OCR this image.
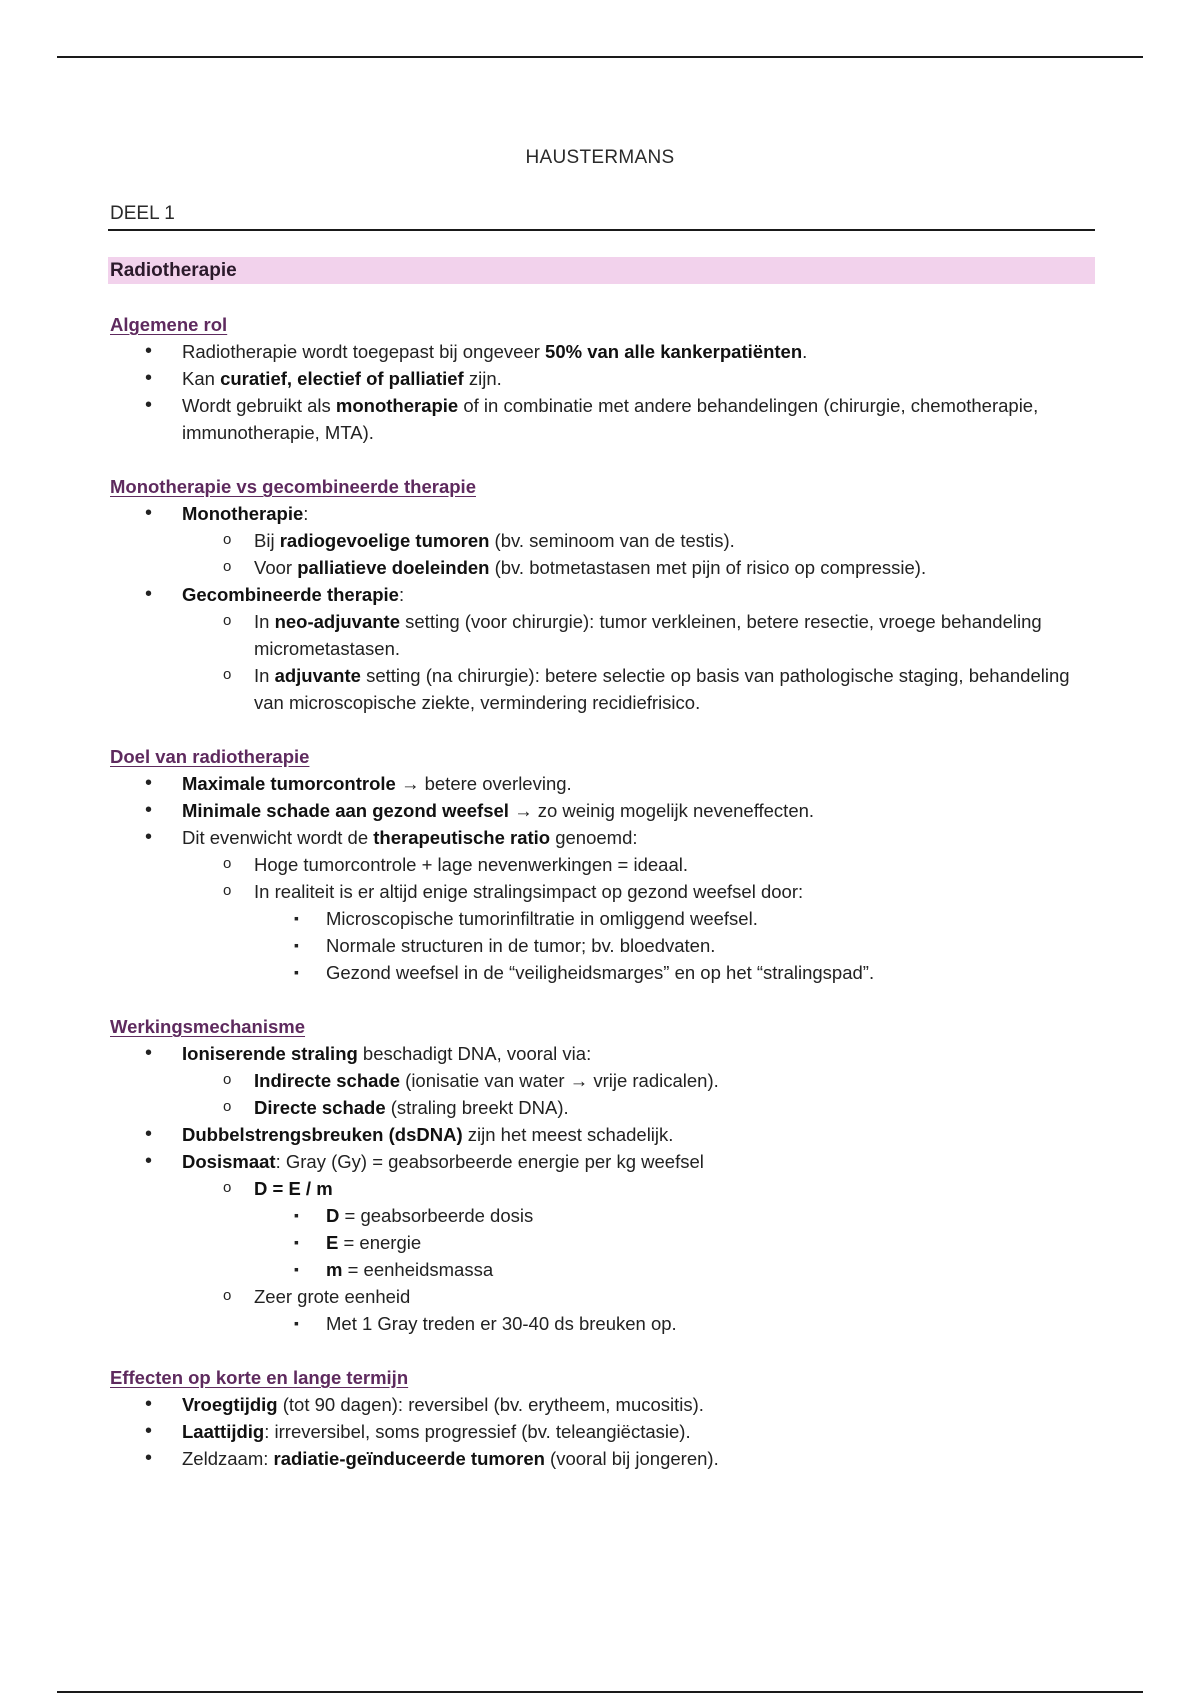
HAUSTERMANS
DEEL 1
Radiotherapie

Algemene rol

• Radiotherapie wordt toegepast bij ongeveer 50% van alle kankerpatiënten.
• Kan curatief, electief of palliatief zijn.
• Wordt gebruikt als monotherapie of in combinatie met andere behandelingen (chirurgie, chemotherapie, immunotherapie, MTA).

Monotherapie vs gecombineerde therapie

• Monotherapie:
o Bij radiogevoelige tumoren (bv. seminoom van de testis).
o Voor palliatieve doeleinden (bv. botmetastasen met pijn of risico op compressie).
• Gecombineerde therapie:
o In neo-adjuvante setting (voor chirurgie): tumor verkleinen, betere resectie, vroege behandeling micrometastasen.
o In adjuvante setting (na chirurgie): betere selectie op basis van pathologische staging, behandeling van microscopische ziekte, vermindering recidiefrisico.

Doel van radiotherapie

• Maximale tumorcontrole → betere overleving.
• Minimale schade aan gezond weefsel → zo weinig mogelijk neveneffecten.
• Dit evenwicht wordt de therapeutische ratio genoemd:
o Hoge tumorcontrole + lage nevenwerkingen = ideaal.
o In realiteit is er altijd enige stralingsimpact op gezond weefsel door:
▪ Microscopische tumorinfiltratie in omliggend weefsel.
▪ Normale structuren in de tumor; bv. bloedvaten.
▪ Gezond weefsel in de “veiligheidsmarges” en op het “stralingspad”.

Werkingsmechanisme

• Ioniserende straling beschadigt DNA, vooral via:
o Indirecte schade (ionisatie van water → vrije radicalen).
o Directe schade (straling breekt DNA).
• Dubbelstrengsbreuken (dsDNA) zijn het meest schadelijk.
• Dosismaat: Gray (Gy) = geabsorbeerde energie per kg weefsel
o D = E / m
▪ D = geabsorbeerde dosis
▪ E = energie
▪ m = eenheidsmassa
o Zeer grote eenheid
▪ Met 1 Gray treden er 30-40 ds breuken op.

Effecten op korte en lange termijn

• Vroegtijdig (tot 90 dagen): reversibel (bv. erytheem, mucositis).
• Laattijdig: irreversibel, soms progressief (bv. teleangiëctasie).
• Zeldzaam: radiatie-geïnduceerde tumoren (vooral bij jongeren).
